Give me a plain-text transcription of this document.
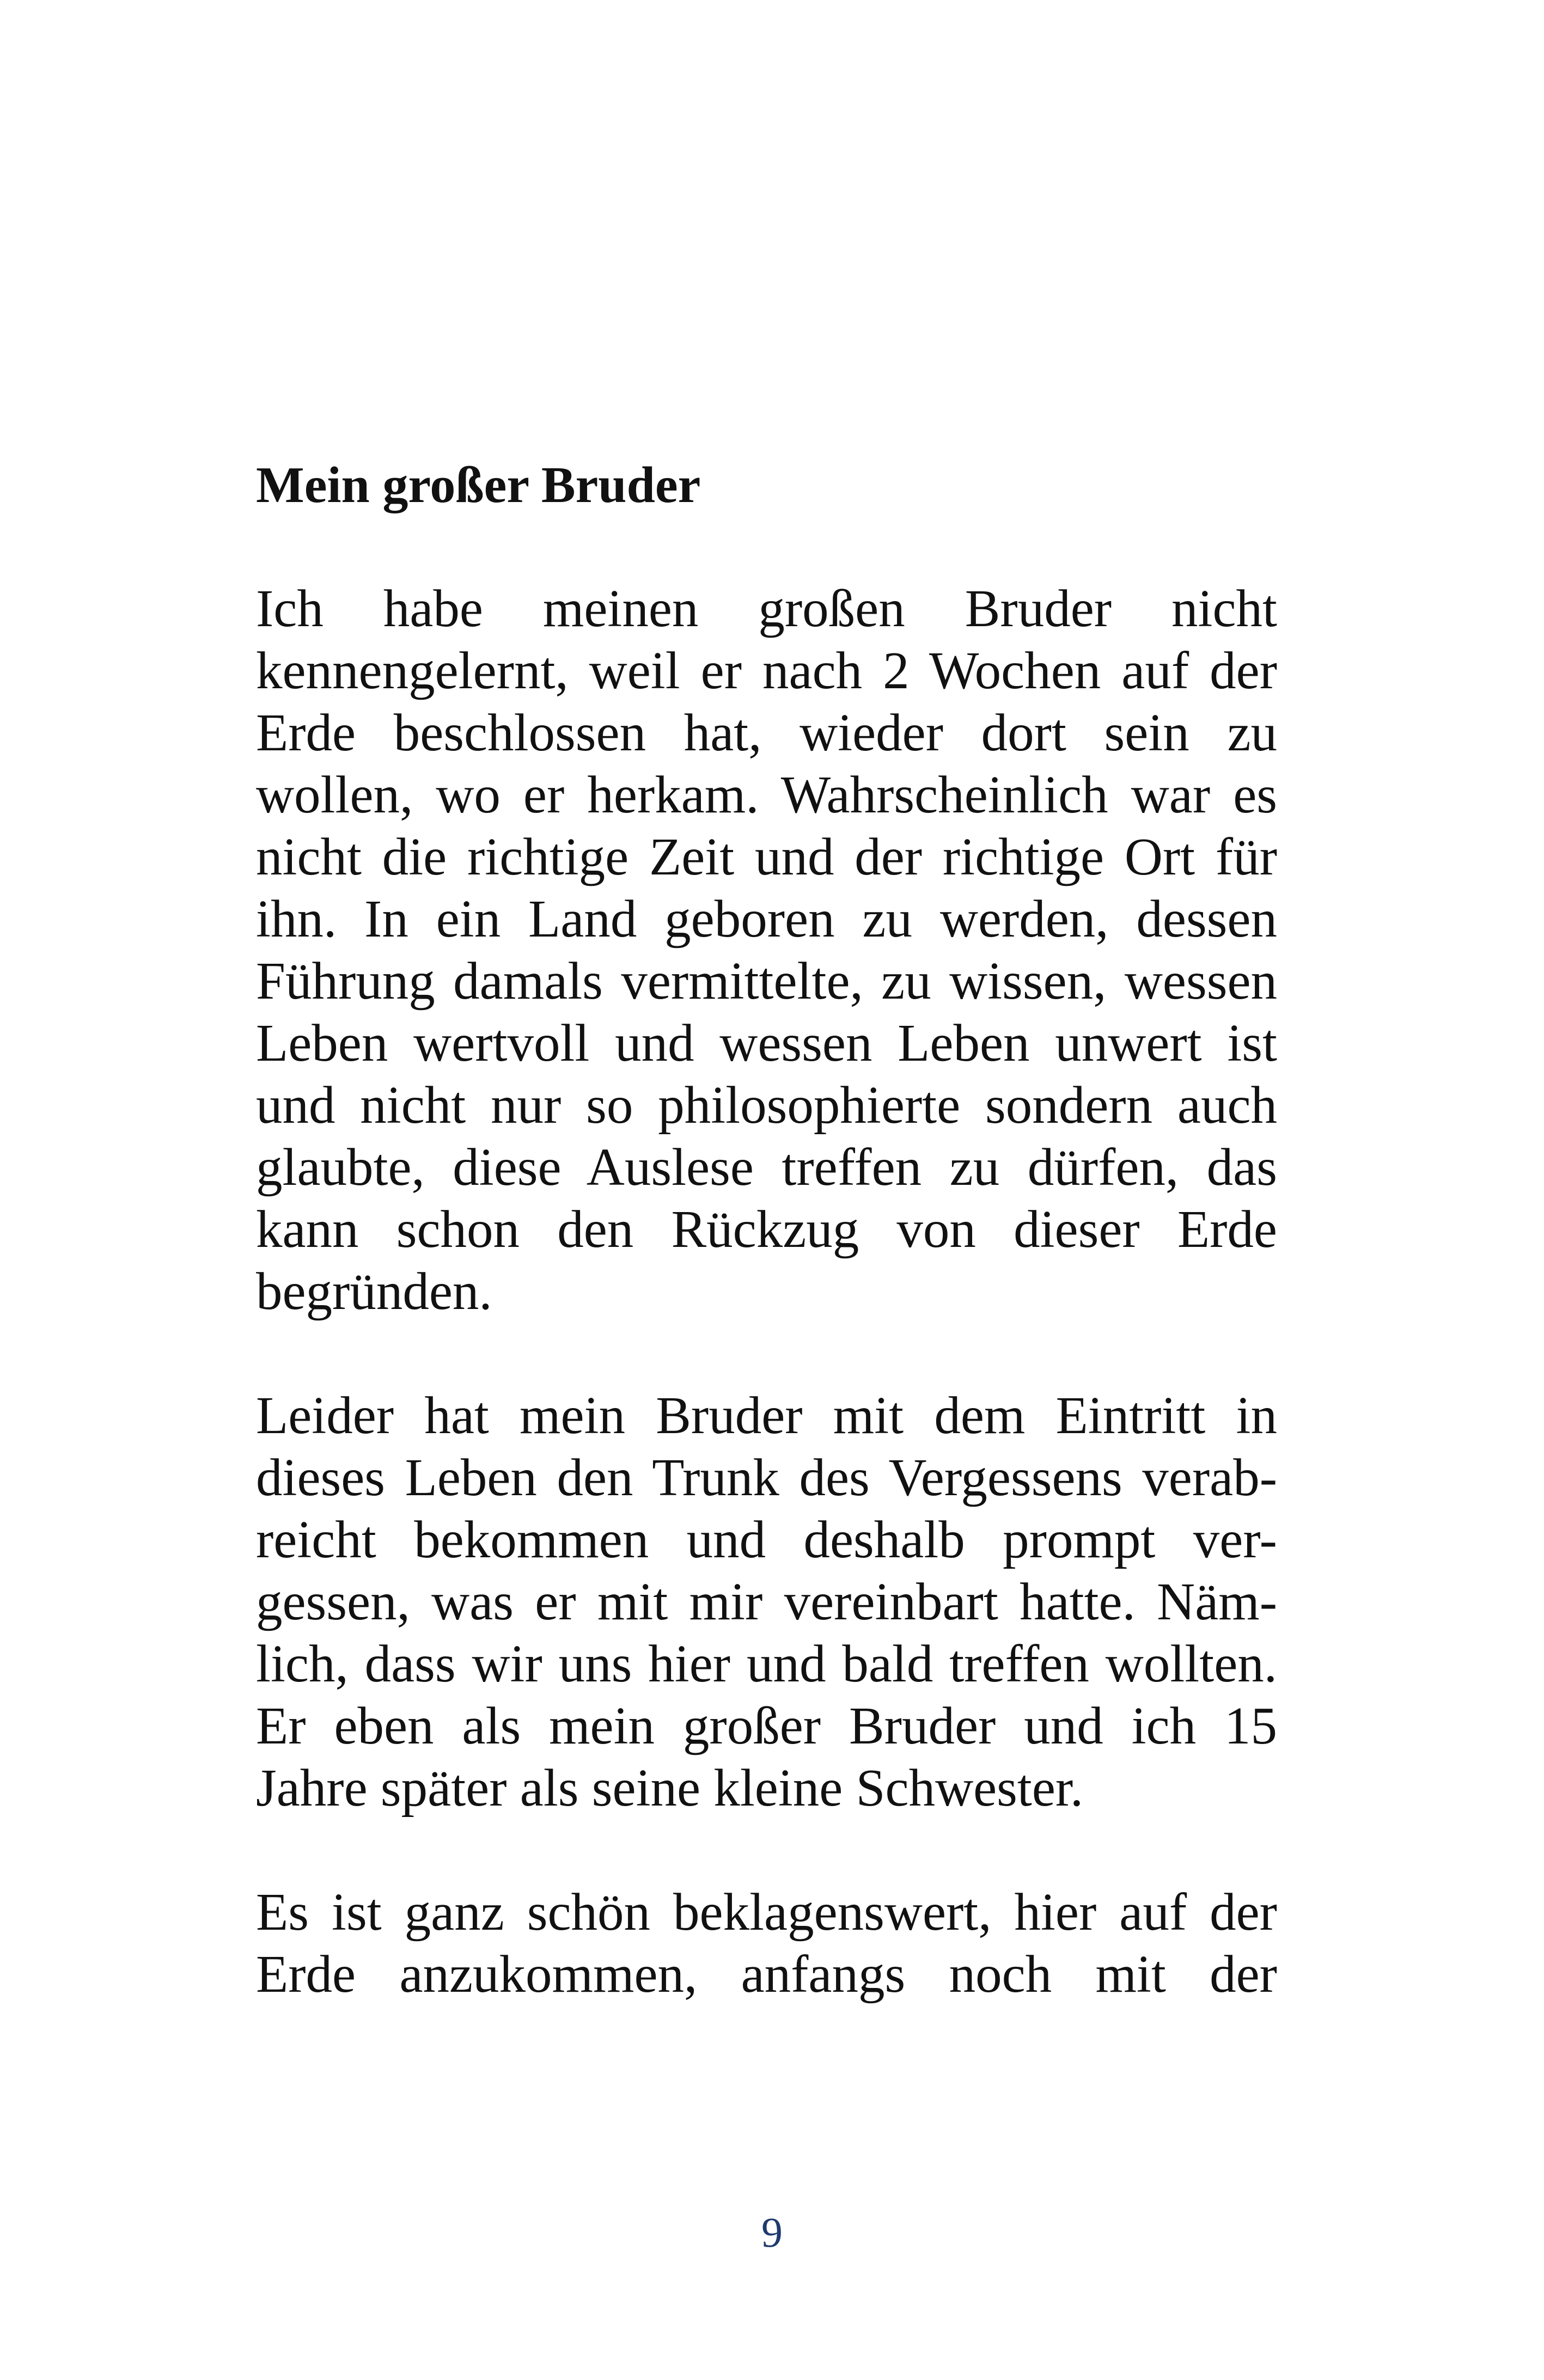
Mein großer Bruder
Ich habe meinen großen Bruder nicht
kennengelernt, weil er nach 2 Wochen auf der
Erde beschlossen hat, wieder dort sein zu
wollen, wo er herkam. Wahrscheinlich war es
nicht die richtige Zeit und der richtige Ort für
ihn. In ein Land geboren zu werden, dessen
Führung damals vermittelte, zu wissen, wessen
Leben wertvoll und wessen Leben unwert ist
und nicht nur so philosophierte sondern auch
glaubte, diese Auslese treffen zu dürfen, das
kann schon den Rückzug von dieser Erde
begründen.
Leider hat mein Bruder mit dem Eintritt in
dieses Leben den Trunk des Vergessens verab-
reicht bekommen und deshalb prompt ver-
gessen, was er mit mir vereinbart hatte. Näm-
lich, dass wir uns hier und bald treffen wollten.
Er eben als mein großer Bruder und ich 15
Jahre später als seine kleine Schwester.
Es ist ganz schön beklagenswert, hier auf der
Erde anzukommen, anfangs noch mit der
9
